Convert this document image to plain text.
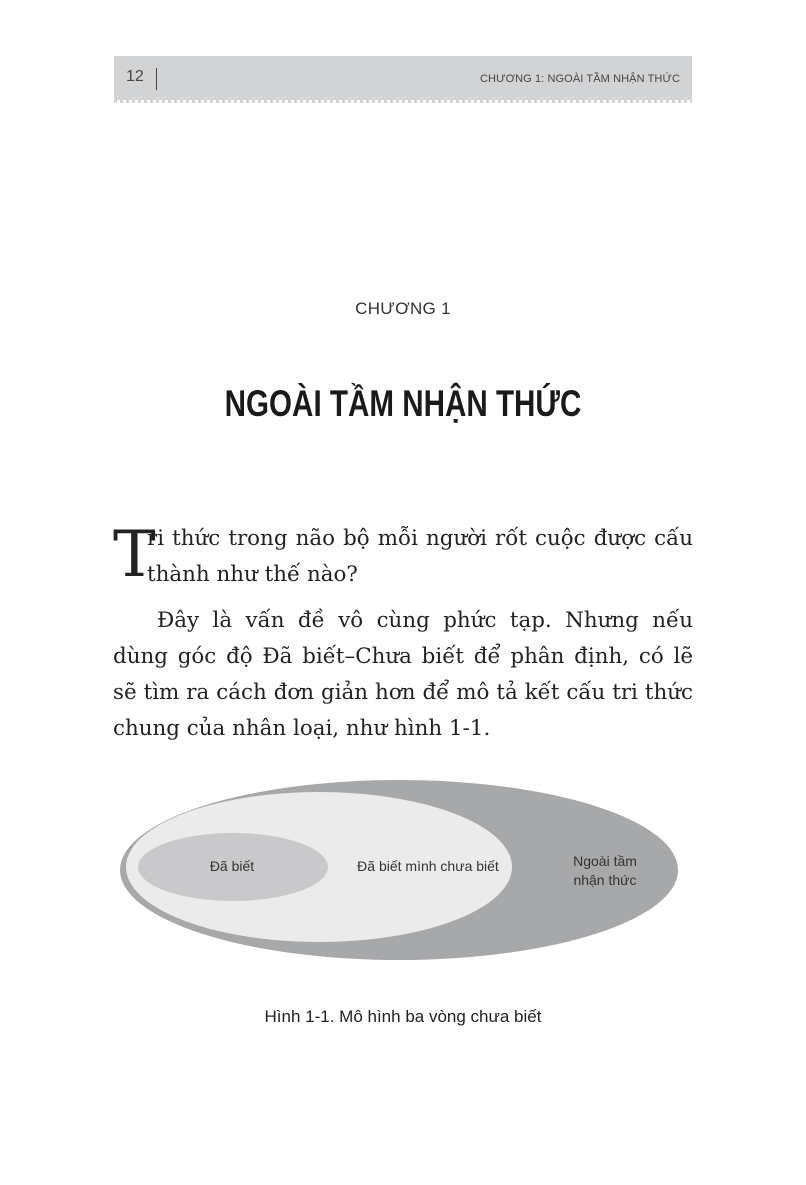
12	CHƯƠNG 1: NGOÀI TẦM NHẬN THỨC
CHƯƠNG 1
NGOÀI TẦM NHẬN THỨC
T
ri thức trong não bộ mỗi người rốt cuộc được cấu
thành như thế nào?

Đây là vấn đề vô cùng phức tạp. Nhưng nếu dùng góc độ Đã biết–Chưa biết để phân định, có lẽ sẽ tìm ra cách đơn giản hơn để mô tả kết cấu tri thức chung của nhân loại, như hình 1-1.

Đã biết	Đã biết mình chưa biết	Ngoài tầm
nhận thức
Hình 1-1. Mô hình ba vòng chưa biết
